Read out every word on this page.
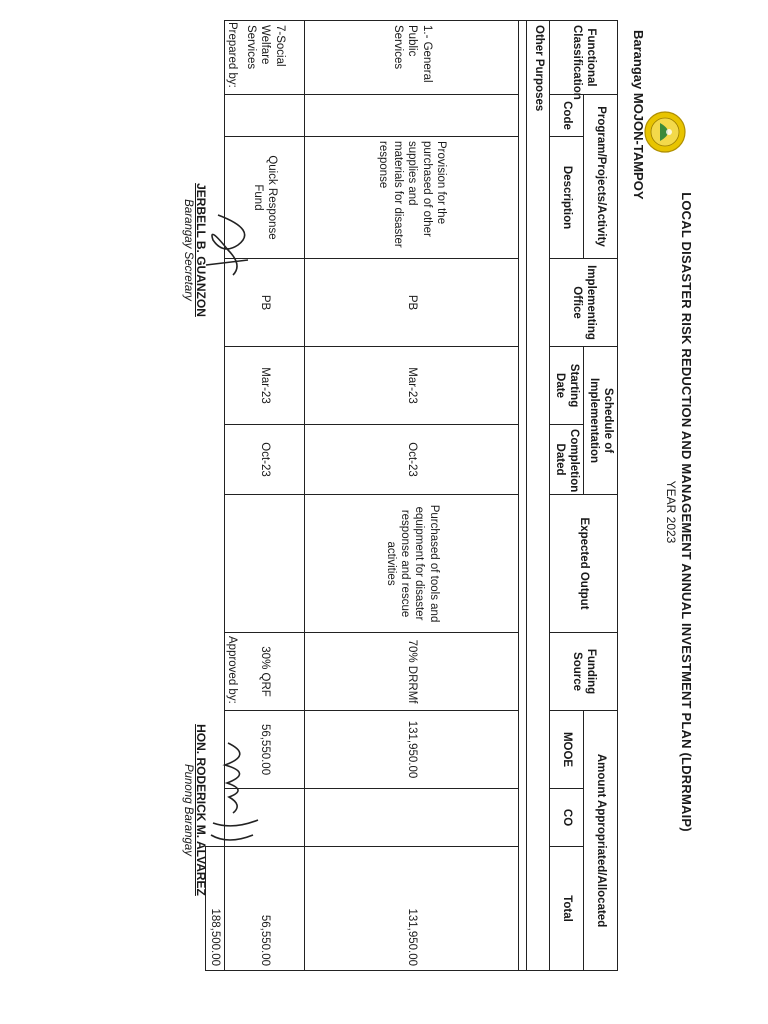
LOCAL DISASTER RISK REDUCTION AND MANAGEMENT ANNUAL INVESTMENT PLAN (LDRRMAIP)
YEAR 2023
Barangay MOJON-TAMPOY
Functional Classification	Program/Projects/Activity		Implementing Office	Schedule of Implementation		Expected Output	Funding Source	Amount Appropriated/Allocated		
	Code	Description		Starting Date	Completion Dated			MOOE	CO	Total
Other Purposes										

1.- General Public Services		Provision for the purchased of other supplies and materials for disaster response	PB	Mar-23	Oct-23	Purchased of tools and equipment for disaster response and rescue activities	70% DRRMf	131,950.00		131,950.00
7-Social Welfare Services		Quick Response Fund	PB	Mar-23	Oct-23		30% QRF	56,550.00		56,550.00
										188,500.00
Prepared by:
JERBELL B. GUANZON
Barangay Secretary
Approved by:
HON. RODERICK M. ALVAREZ
Punong Barangay
